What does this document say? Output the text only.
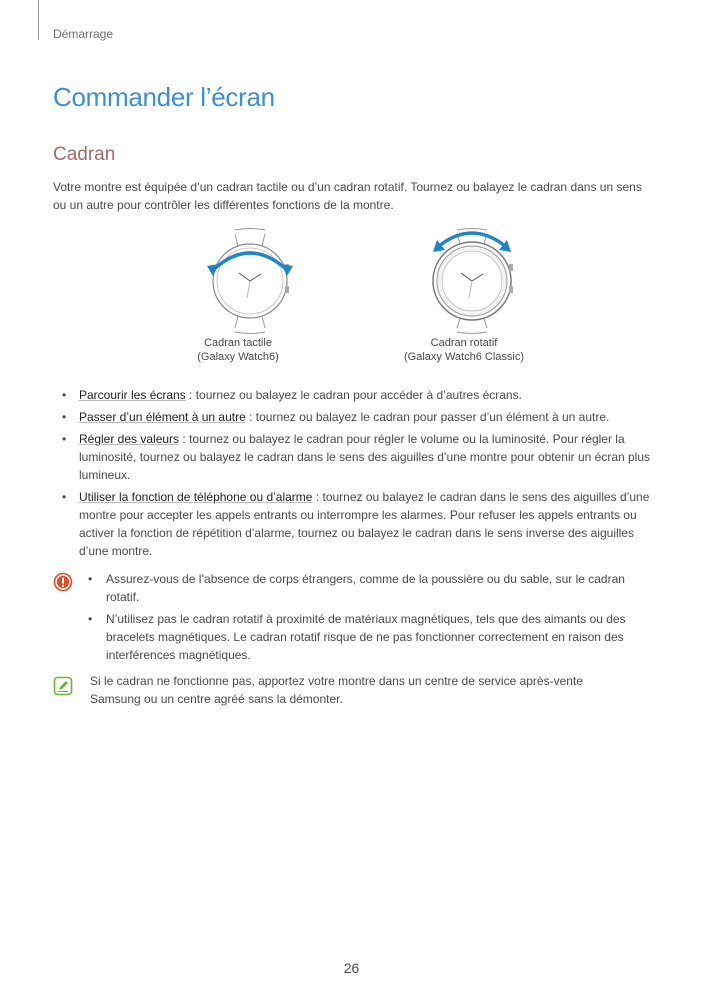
Démarrage
Commander l’écran
Cadran

Votre montre est équipée d’un cadran tactile ou d’un cadran rotatif. Tournez ou balayez le cadran dans un sens ou un autre pour contrôler les différentes fonctions de la montre.

Cadran tactile
(Galaxy Watch6)
Cadran rotatif
(Galaxy Watch6 Classic)
• Parcourir les écrans : tournez ou balayez le cadran pour accéder à d’autres écrans.
• Passer d’un élément à un autre : tournez ou balayez le cadran pour passer d’un élément à un autre.
• Régler des valeurs : tournez ou balayez le cadran pour régler le volume ou la luminosité. Pour régler la luminosité, tournez ou balayez le cadran dans le sens des aiguilles d’une montre pour obtenir un écran plus lumineux.
• Utiliser la fonction de téléphone ou d’alarme : tournez ou balayez le cadran dans le sens des aiguilles d’une montre pour accepter les appels entrants ou interrompre les alarmes. Pour refuser les appels entrants ou activer la fonction de répétition d’alarme, tournez ou balayez le cadran dans le sens inverse des aiguilles d’une montre.
• Assurez-vous de l’absence de corps étrangers, comme de la poussière ou du sable, sur le cadran rotatif.
• N’utilisez pas le cadran rotatif à proximité de matériaux magnétiques, tels que des aimants ou des bracelets magnétiques. Le cadran rotatif risque de ne pas fonctionner correctement en raison des interférences magnétiques.

Si le cadran ne fonctionne pas, apportez votre montre dans un centre de service après-vente Samsung ou un centre agréé sans la démonter.

26
